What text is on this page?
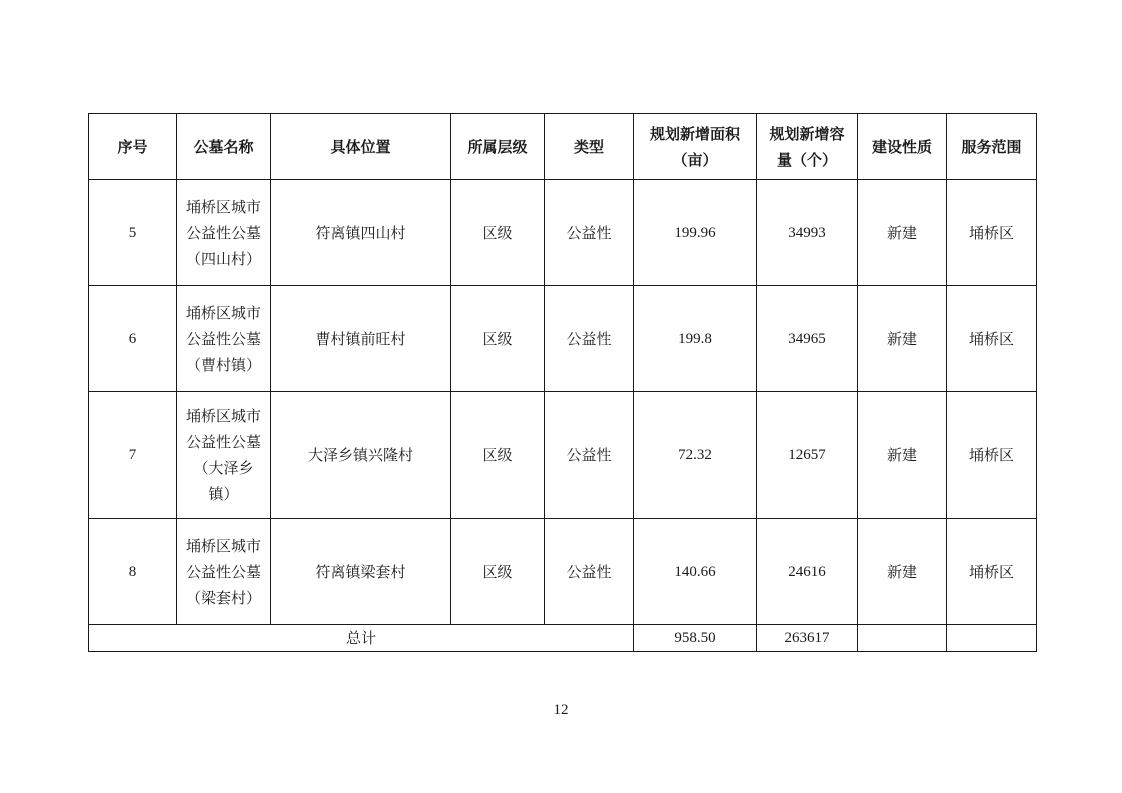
序号	公墓名称	具体位置	所属层级	类型	规划新增面积（亩）	规划新增容量（个）	建设性质	服务范围
5	埇桥区城市公益性公墓（四山村）	符离镇四山村	区级	公益性	199.96	34993	新建	埇桥区
6	埇桥区城市公益性公墓（曹村镇）	曹村镇前旺村	区级	公益性	199.8	34965	新建	埇桥区
7	埇桥区城市公益性公墓（大泽乡镇）	大泽乡镇兴隆村	区级	公益性	72.32	12657	新建	埇桥区
8	埇桥区城市公益性公墓（梁套村）	符离镇梁套村	区级	公益性	140.66	24616	新建	埇桥区
总计					958.50	263617		
12
